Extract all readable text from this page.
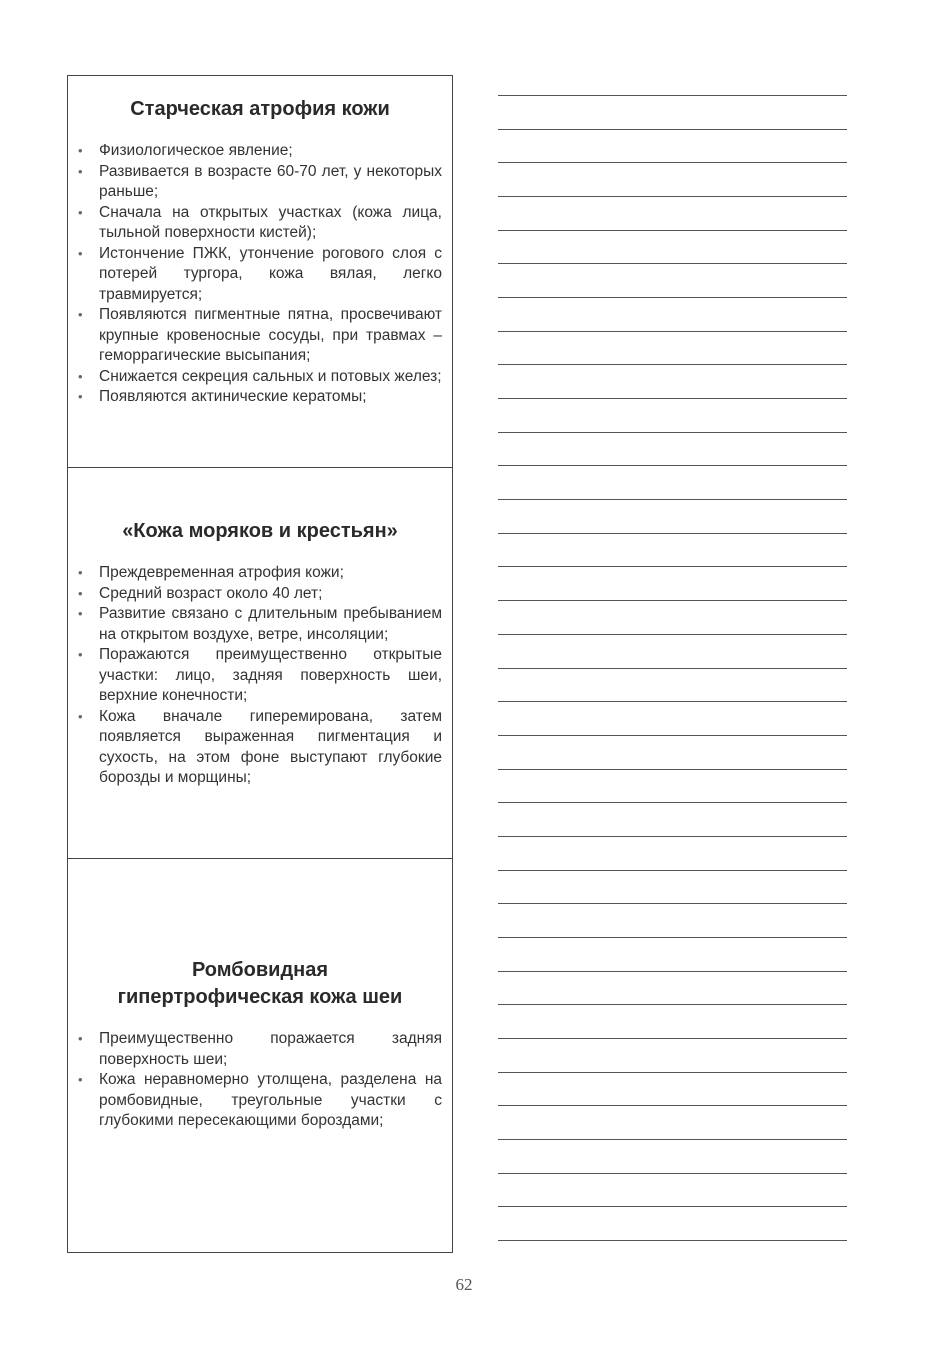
Старческая атрофия кожи
• Физиологическое явление;
• Развивается в возрасте 60-70 лет, у некоторых раньше;
• Сначала на открытых участках (кожа лица, тыльной поверхности кистей);
• Истончение ПЖК, утончение рогового слоя с потерей тургора, кожа вялая, легко травмируется;
• Появляются пигментные пятна, просвечивают крупные кровеносные сосуды, при травмах – геморрагические высыпания;
• Снижается секреция сальных и потовых желез;
• Появляются актинические кератомы;
«Кожа моряков и крестьян»
• Преждевременная атрофия кожи;
• Средний возраст около 40 лет;
• Развитие связано с длительным пребыванием на открытом воздухе, ветре, инсоляции;
• Поражаются преимущественно открытые участки: лицо, задняя поверхность шеи, верхние конечности;
• Кожа вначале гиперемирована, затем появляется выраженная пигментация и сухость, на этом фоне выступают глубокие борозды и морщины;
Ромбовидная
гипертрофическая кожа шеи
• Преимущественно поражается задняя поверхность шеи;
• Кожа неравномерно утолщена, разделена на ромбовидные, треугольные участки с глубокими пересекающими бороздами;
62
